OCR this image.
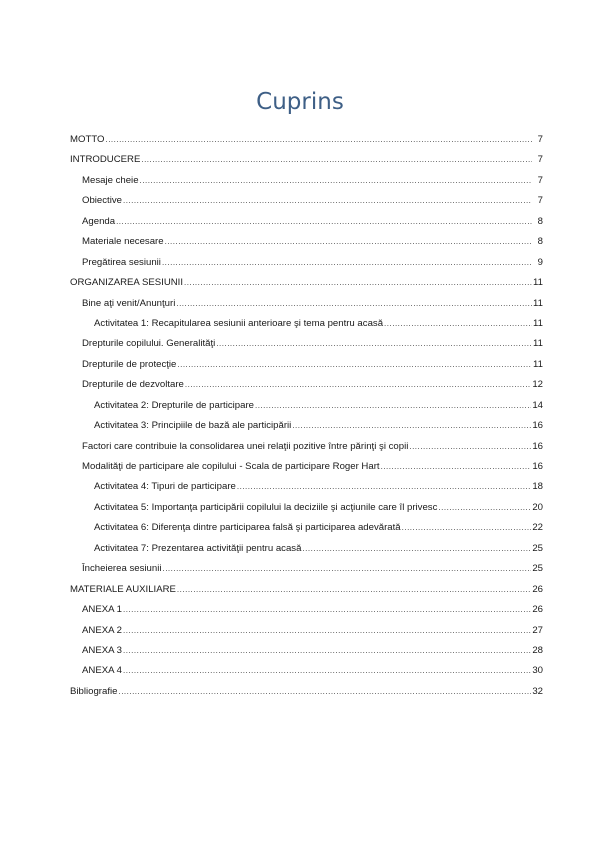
Cuprins
MOTTO .....	7
INTRODUCERE .....	7
Mesaje cheie .....	7
Obiective .....	7
Agenda .....	8
Materiale necesare .....	8
Pregătirea sesiunii .....	9
ORGANIZAREA SESIUNII .....	11
Bine aţi venit/Anunţuri .....	11
Activitatea 1: Recapitularea sesiunii anterioare şi tema pentru acasă .....	11
Drepturile copilului. Generalităţi .....	11
Drepturile de protecţie .....	11
Drepturile de dezvoltare .....	12
Activitatea 2: Drepturile de participare .....	14
Activitatea 3: Principiile de bază ale participării .....	16
Factori care contribuie la consolidarea unei relaţii pozitive între părinţi şi copii .....	16
Modalităţi de participare ale copilului - Scala de participare Roger Hart .....	16
Activitatea 4: Tipuri de participare .....	18
Activitatea 5: Importanţa participării copilului la deciziile şi acţiunile care îl privesc .....	20
Activitatea 6: Diferenţa dintre participarea falsă şi participarea adevărată .....	22
Activitatea 7: Prezentarea activităţii pentru acasă .....	25
Încheierea sesiunii .....	25
MATERIALE AUXILIARE .....	26
ANEXA 1 .....	26
ANEXA 2 .....	27
ANEXA 3 .....	28
ANEXA 4 .....	30
Bibliografie .....	32
